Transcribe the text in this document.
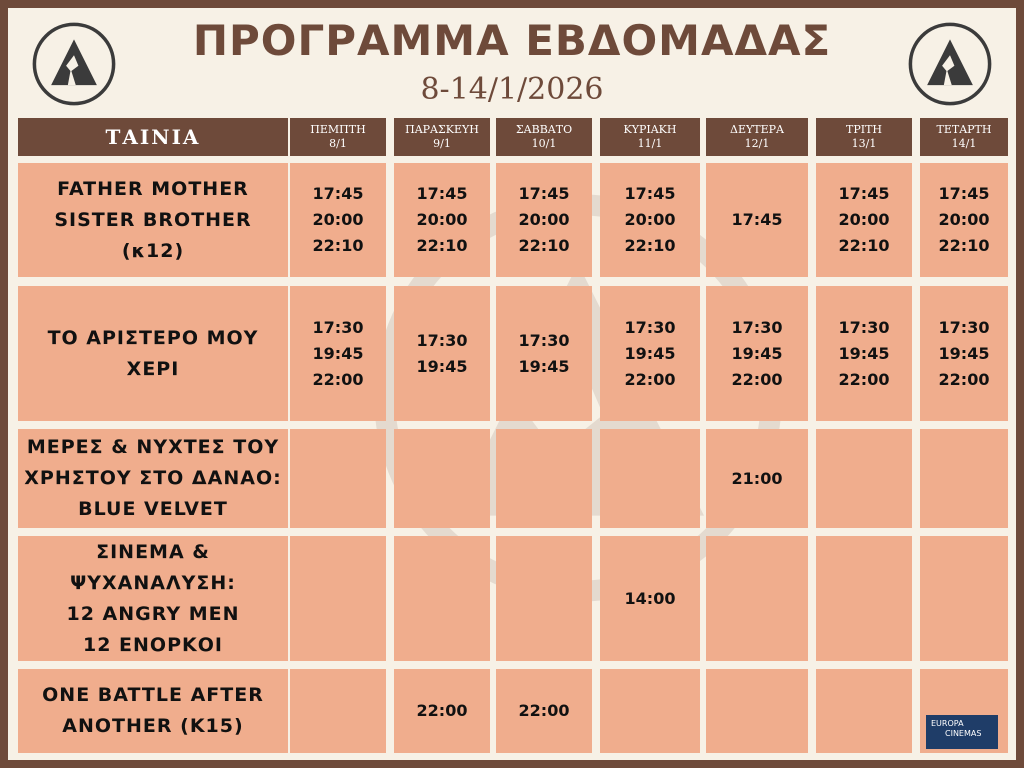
ΠΡΟΓΡΑΜΜΑ ΕΒΔΟΜΑΔΑΣ
8-14/1/2026
ΤΑΙΝΙΑ	ΠΕΜΠΤΗ
8/1
ΠΑΡΑΣΚΕΥΗ
9/1
ΣΑΒΒΑΤΟ
10/1
ΚΥΡΙΑΚΗ
11/1
ΔΕΥΤΕΡΑ
12/1
ΤΡΙΤΗ
13/1
ΤΕΤΑΡΤΗ
14/1
FATHER MOTHER
SISTER BROTHER
(κ12)
17:45
20:00
22:10
17:45
20:00
22:10
17:45
20:00
22:10
17:45
20:00
22:10
17:45
17:45
20:00
22:10
17:45
20:00
22:10
ΤΟ ΑΡΙΣΤΕΡΟ ΜΟΥ
ΧΕΡΙ
17:30
19:45
22:00
17:30
19:45
17:30
19:45
17:30
19:45
22:00
17:30
19:45
22:00
17:30
19:45
22:00
17:30
19:45
22:00
ΜΕΡΕΣ & ΝΥΧΤΕΣ ΤΟΥ
ΧΡΗΣΤΟΥ ΣΤΟ ΔΑΝΑΟ:
BLUE VELVET
21:00
ΣΙΝΕΜΑ &
ΨΥΧΑΝΑΛΥΣΗ:
12 ANGRY MEN
12 ΕΝΟΡΚΟΙ
14:00
ONE BATTLE AFTER
ANOTHER (K15)
22:00	22:00
EUROPA
CINEMAS
